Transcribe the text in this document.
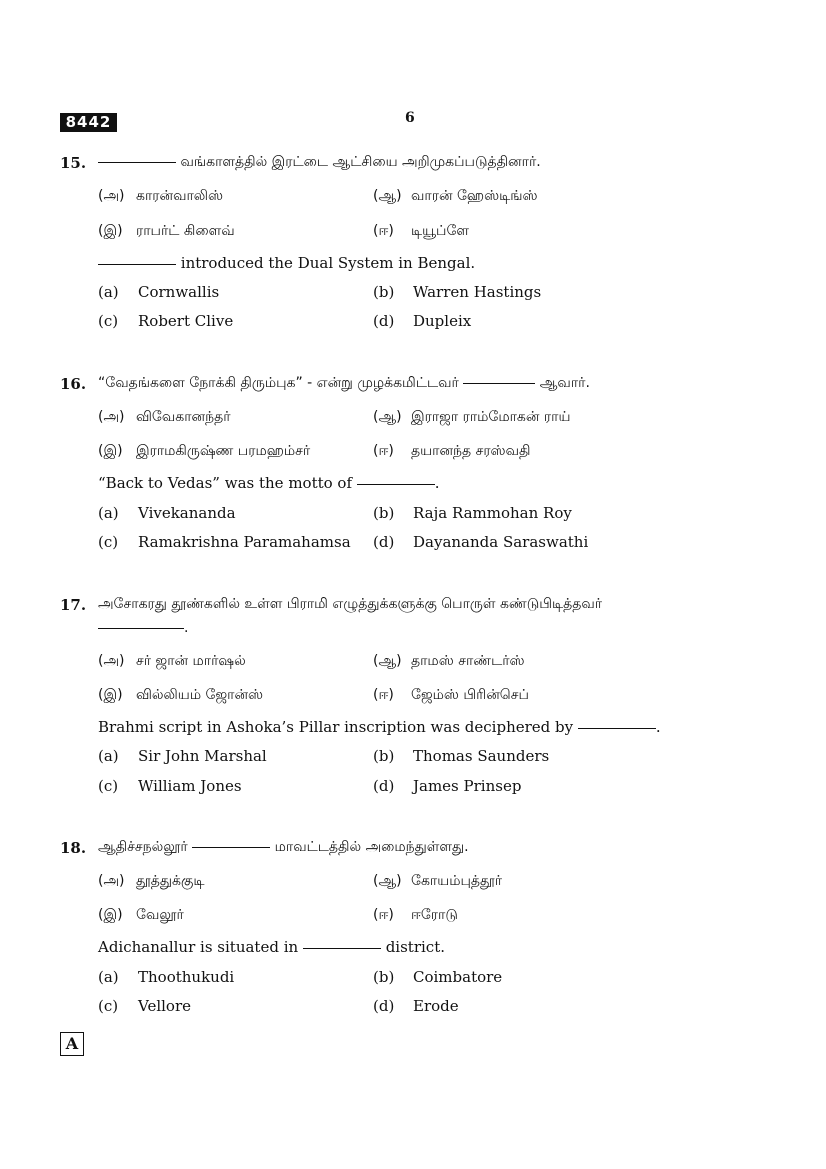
8442	6
15.	வங்காளத்தில் இரட்டை ஆட்சியை அறிமுகப்படுத்தினார்.
(அ) காரன்வாலிஸ்	(ஆ) வாரன் ஹேஸ்டிங்ஸ்
(இ) ராபர்ட் கிளைவ்	(ஈ) டியூப்ளே
introduced the Dual System in Bengal.
(a) Cornwallis	(b) Warren Hastings
(c) Robert Clive	(d) Dupleix
16. “வேதங்களை நோக்கி திரும்புக” - என்று முழக்கமிட்டவர்	ஆவார்.
(அ) விவேகானந்தர்	(ஆ) இராஜா ராம்மோகன் ராய்
(இ) இராமகிருஷ்ண பரமஹம்சர்	(ஈ) தயானந்த சரஸ்வதி
“Back to Vedas” was the motto of	.
(a) Vivekananda	(b) Raja Rammohan Roy
(c) Ramakrishna Paramahamsa (d) Dayananda Saraswathi
17. அசோகரது தூண்களில் உள்ள பிராமி எழுத்துக்களுக்கு பொருள் கண்டுபிடித்தவர்
.
(அ) சர் ஜான் மார்ஷல்	(ஆ) தாமஸ் சாண்டர்ஸ்
(இ) வில்லியம் ஜோன்ஸ்	(ஈ) ஜேம்ஸ் பிரின்செப்
Brahmi script in Ashoka’s Pillar inscription was deciphered by	.
(a) Sir John Marshal	(b) Thomas Saunders
(c) William Jones	(d) James Prinsep
18. ஆதிச்சநல்லூர்	மாவட்டத்தில் அமைந்துள்ளது.
(அ) தூத்துக்குடி	(ஆ) கோயம்புத்தூர்
(இ) வேலூர்	(ஈ) ஈரோடு
Adichanallur is situated in	district.
(a) Thoothukudi	(b) Coimbatore
(c) Vellore	(d) Erode
A
